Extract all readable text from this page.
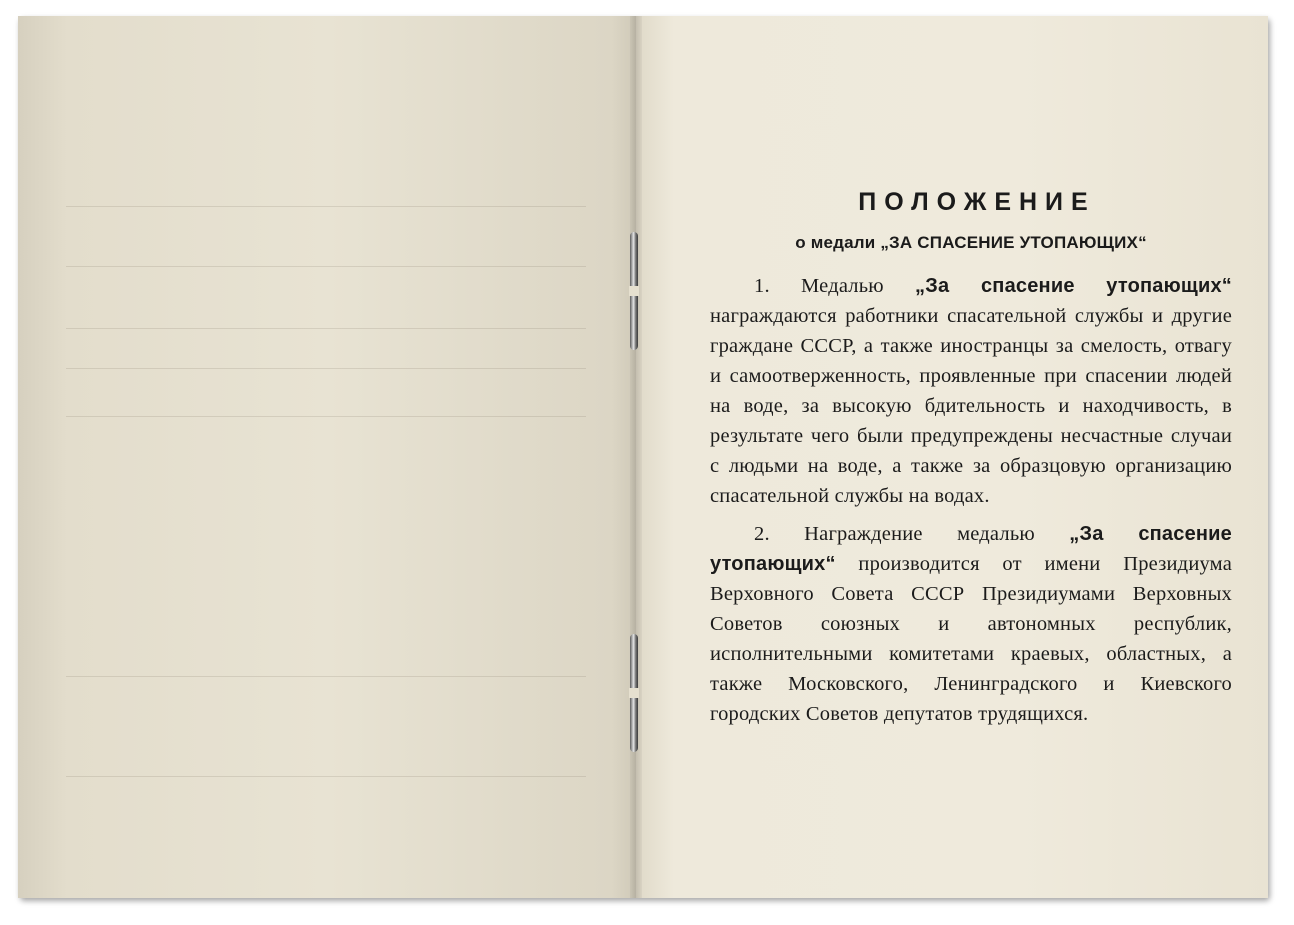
ПОЛОЖЕНИЕ
о медали „ЗА СПАСЕНИЕ УТОПАЮЩИХ“

1. Медалью „За спасение утопающих“ награждаются работники спасательной службы и другие граждане СССР, а также иностранцы за смелость, отвагу и самоотверженность, проявленные при спасении людей на воде, за высокую бдительность и находчивость, в результате чего были предупреждены несчастные случаи с людьми на воде, а также за образцовую организацию спасательной службы на водах.

2. Награждение медалью „За спасение утопающих“ производится от имени Президиума Верховного Совета СССР Президиумами Верховных Советов союзных и автономных республик, исполнительными комитетами краевых, областных, а также Московского, Ленинградского и Киевского городских Советов депутатов трудящихся.
